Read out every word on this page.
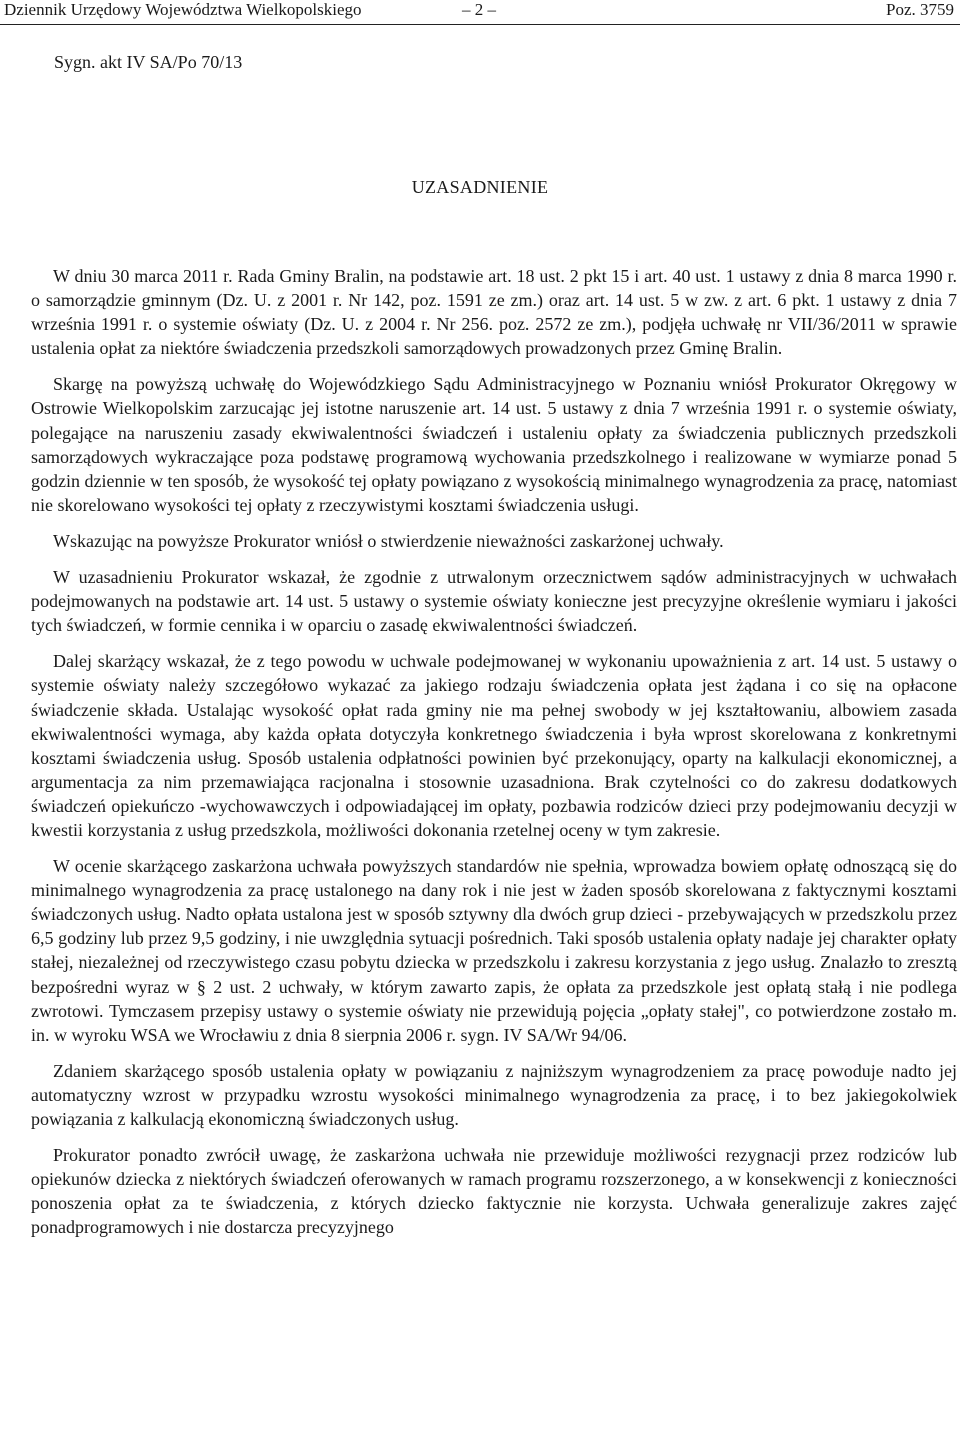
Dziennik Urzędowy Województwa Wielkopolskiego	– 2 –	Poz. 3759
Sygn. akt IV SA/Po 70/13
UZASADNIENIE

W dniu 30 marca 2011 r. Rada Gminy Bralin, na podstawie art. 18 ust. 2 pkt 15 i art. 40 ust. 1 ustawy z dnia 8 marca 1990 r. o samorządzie gminnym (Dz. U. z 2001 r. Nr 142, poz. 1591 ze zm.) oraz art. 14 ust. 5 w zw. z art. 6 pkt. 1 ustawy z dnia 7 września 1991 r. o systemie oświaty (Dz. U. z 2004 r. Nr 256. poz. 2572 ze zm.), podjęła uchwałę nr VII/36/2011 w sprawie ustalenia opłat za niektóre świadczenia przedszkoli samorządowych prowadzonych przez Gminę Bralin.

Skargę na powyższą uchwałę do Wojewódzkiego Sądu Administracyjnego w Poznaniu wniósł Prokurator Okręgowy w Ostrowie Wielkopolskim zarzucając jej istotne naruszenie art. 14 ust. 5 ustawy z dnia 7 września 1991 r. o systemie oświaty, polegające na naruszeniu zasady ekwiwalentności świadczeń i ustaleniu opłaty za świadczenia publicznych przedszkoli samorządowych wykraczające poza podstawę programową wychowania przedszkolnego i realizowane w wymiarze ponad 5 godzin dziennie w ten sposób, że wysokość tej opłaty powiązano z wysokością minimalnego wynagrodzenia za pracę, natomiast nie skorelowano wysokości tej opłaty z rzeczywistymi kosztami świadczenia usługi.

Wskazując na powyższe Prokurator wniósł o stwierdzenie nieważności zaskarżonej uchwały.

W uzasadnieniu Prokurator wskazał, że zgodnie z utrwalonym orzecznictwem sądów administracyjnych w uchwałach podejmowanych na podstawie art. 14 ust. 5 ustawy o systemie oświaty konieczne jest precyzyjne określenie wymiaru i jakości tych świadczeń, w formie cennika i w oparciu o zasadę ekwiwalentności świadczeń.

Dalej skarżący wskazał, że z tego powodu w uchwale podejmowanej w wykonaniu upoważnienia z art. 14 ust. 5 ustawy o systemie oświaty należy szczegółowo wykazać za jakiego rodzaju świadczenia opłata jest żądana i co się na opłacone świadczenie składa. Ustalając wysokość opłat rada gminy nie ma pełnej swobody w jej kształtowaniu, albowiem zasada ekwiwalentności wymaga, aby każda opłata dotyczyła konkretnego świadczenia i była wprost skorelowana z konkretnymi kosztami świadczenia usług. Sposób ustalenia odpłatności powinien być przekonujący, oparty na kalkulacji ekonomicznej, a argumentacja za nim przemawiająca racjonalna i stosownie uzasadniona. Brak czytelności co do zakresu dodatkowych świadczeń opiekuńczo -wychowawczych i odpowiadającej im opłaty, pozbawia rodziców dzieci przy podejmowaniu decyzji w kwestii korzystania z usług przedszkola, możliwości dokonania rzetelnej oceny w tym zakresie.

W ocenie skarżącego zaskarżona uchwała powyższych standardów nie spełnia, wprowadza bowiem opłatę odnoszącą się do minimalnego wynagrodzenia za pracę ustalonego na dany rok i nie jest w żaden sposób skorelowana z faktycznymi kosztami świadczonych usług. Nadto opłata ustalona jest w sposób sztywny dla dwóch grup dzieci - przebywających w przedszkolu przez 6,5 godziny lub przez 9,5 godziny, i nie uwzględnia sytuacji pośrednich. Taki sposób ustalenia opłaty nadaje jej charakter opłaty stałej, niezależnej od rzeczywistego czasu pobytu dziecka w przedszkolu i zakresu korzystania z jego usług. Znalazło to zresztą bezpośredni wyraz w § 2 ust. 2 uchwały, w którym zawarto zapis, że opłata za przedszkole jest opłatą stałą i nie podlega zwrotowi. Tymczasem przepisy ustawy o systemie oświaty nie przewidują pojęcia „opłaty stałej", co potwierdzone zostało m. in. w wyroku WSA we Wrocławiu z dnia 8 sierpnia 2006 r. sygn. IV SA/Wr 94/06.

Zdaniem skarżącego sposób ustalenia opłaty w powiązaniu z najniższym wynagrodzeniem za pracę powoduje nadto jej automatyczny wzrost w przypadku wzrostu wysokości minimalnego wynagrodzenia za pracę, i to bez jakiegokolwiek powiązania z kalkulacją ekonomiczną świadczonych usług.

Prokurator ponadto zwrócił uwagę, że zaskarżona uchwała nie przewiduje możliwości rezygnacji przez rodziców lub opiekunów dziecka z niektórych świadczeń oferowanych w ramach programu rozszerzonego, a w konsekwencji z konieczności ponoszenia opłat za te świadczenia, z których dziecko faktycznie nie korzysta. Uchwała generalizuje zakres zajęć ponadprogramowych i nie dostarcza precyzyjnego
